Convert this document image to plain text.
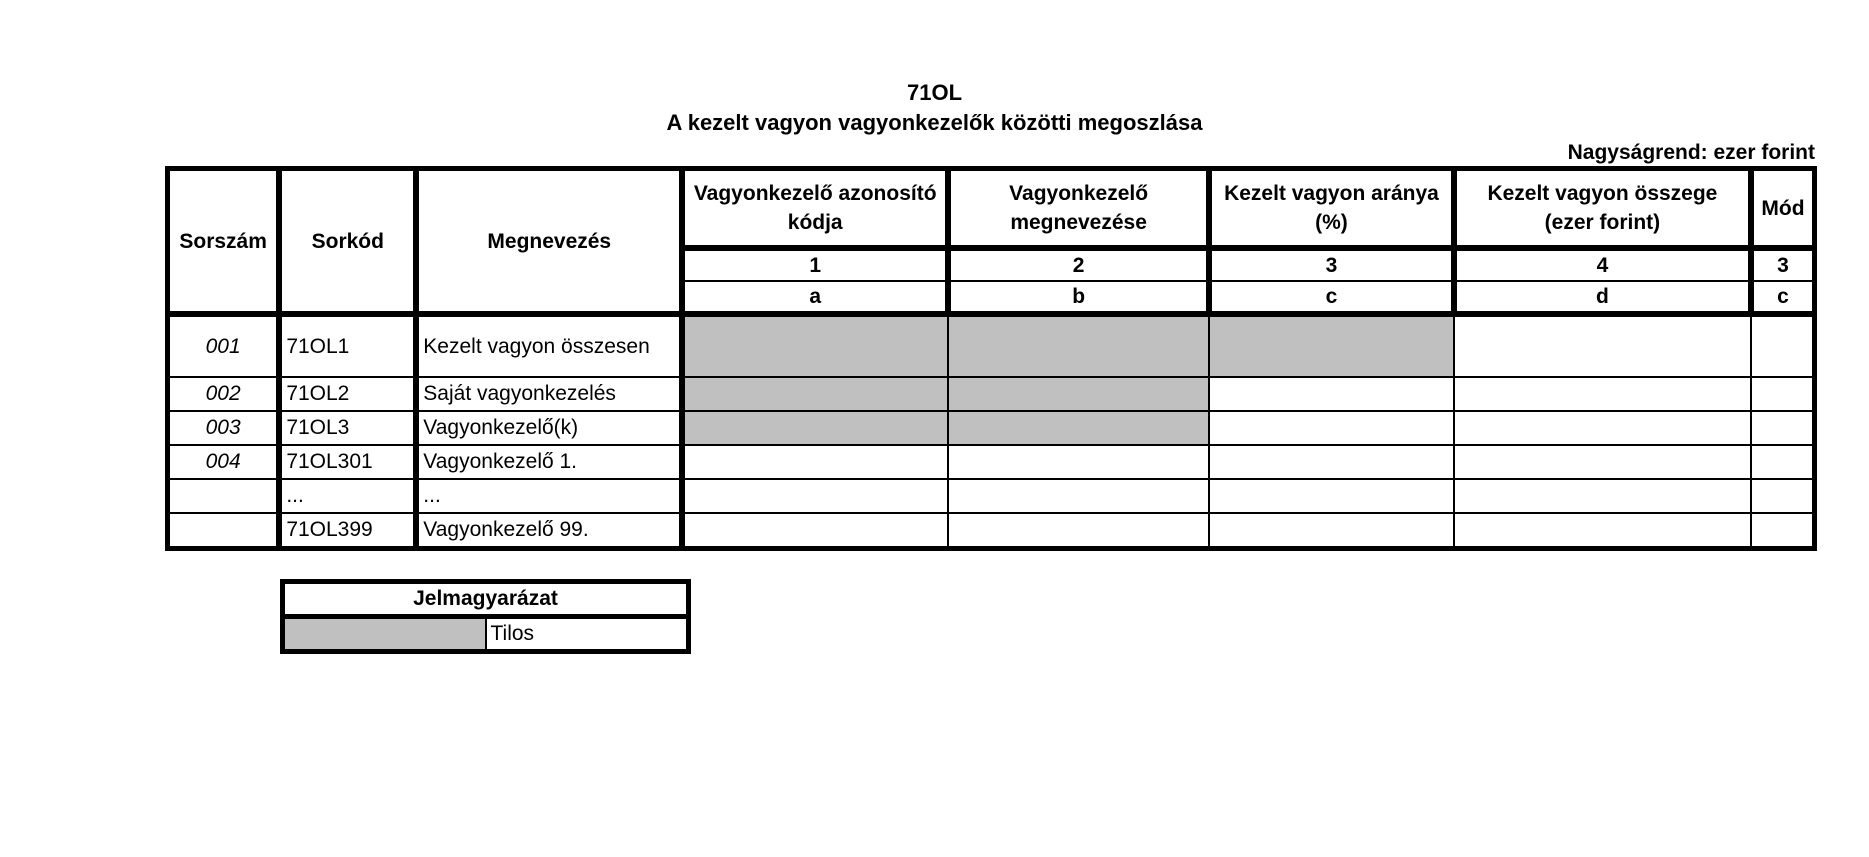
71OL
A kezelt vagyon vagyonkezelők közötti megoszlása
Nagyságrend: ezer forint
Sorszám	Sorkód	Megnevezés	Vagyonkezelő azonosító kódja	Vagyonkezelő megnevezése	Kezelt vagyon aránya (%)	Kezelt vagyon összege (ezer forint)	Mód
			1	2	3	4	3
			a	b	c	d	c
001	71OL1	Kezelt vagyon összesen					
002	71OL2	Saját vagyonkezelés					
003	71OL3	Vagyonkezelő(k)					
004	71OL301	Vagyonkezelő 1.					
	...	...					
	71OL399	Vagyonkezelő 99.					
Jelmagyarázat
	Tilos
